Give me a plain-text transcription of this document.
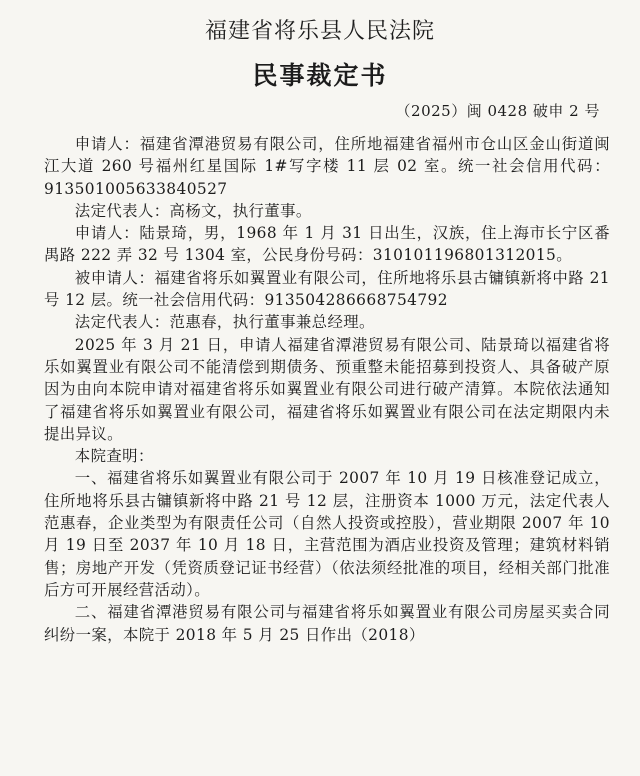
福建省将乐县人民法院
民事裁定书
（2025）闽 0428 破申 2 号

申请人：福建省潭港贸易有限公司，住所地福建省福州市仓山区金山街道闽江大道 260 号福州红星国际 1#写字楼 11 层 02 室。统一社会信用代码：913501005633840527

法定代表人：高杨文，执行董事。

申请人：陆景琦，男，1968 年 1 月 31 日出生，汉族，住上海市长宁区番禺路 222 弄 32 号 1304 室，公民身份号码：310101196801312015。

被申请人：福建省将乐如翼置业有限公司，住所地将乐县古镛镇新将中路 21 号 12 层。统一社会信用代码：913504286668754792

法定代表人：范惠春，执行董事兼总经理。

2025 年 3 月 21 日，申请人福建省潭港贸易有限公司、陆景琦以福建省将乐如翼置业有限公司不能清偿到期债务、预重整未能招募到投资人、具备破产原因为由向本院申请对福建省将乐如翼置业有限公司进行破产清算。本院依法通知了福建省将乐如翼置业有限公司，福建省将乐如翼置业有限公司在法定期限内未提出异议。

本院查明：

一、福建省将乐如翼置业有限公司于 2007 年 10 月 19 日核准登记成立，住所地将乐县古镛镇新将中路 21 号 12 层，注册资本 1000 万元，法定代表人范惠春，企业类型为有限责任公司（自然人投资或控股），营业期限 2007 年 10 月 19 日至 2037 年 10 月 18 日，主营范围为酒店业投资及管理；建筑材料销售；房地产开发（凭资质登记证书经营）（依法须经批准的项目，经相关部门批准后方可开展经营活动）。

二、福建省潭港贸易有限公司与福建省将乐如翼置业有限公司房屋买卖合同纠纷一案，本院于 2018 年 5 月 25 日作出（2018）
